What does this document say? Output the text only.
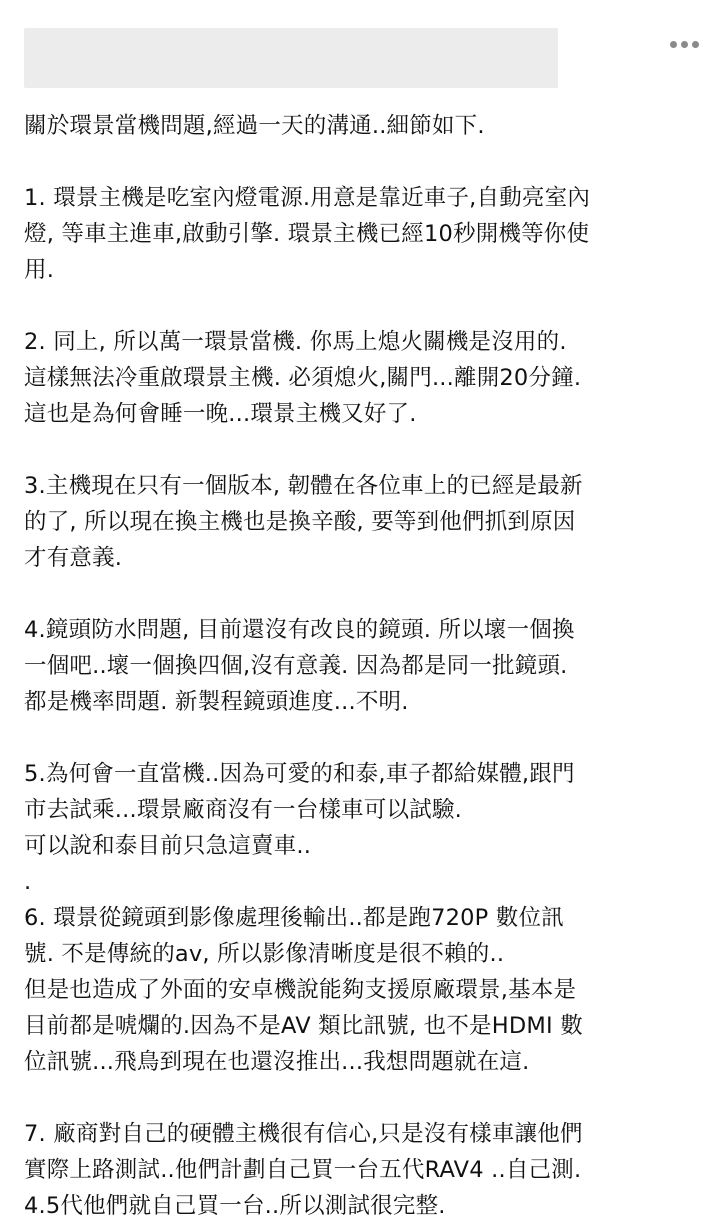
關於環景當機問題,經過一天的溝通..細節如下.
1. 環景主機是吃室內燈電源.用意是靠近車子,自動亮室內
燈, 等車主進車,啟動引擎. 環景主機已經10秒開機等你使
用.
2. 同上, 所以萬一環景當機. 你馬上熄火關機是沒用的.
這樣無法冷重啟環景主機. 必須熄火,關門...離開20分鐘.
這也是為何會睡一晚...環景主機又好了.
3.主機現在只有一個版本, 韌體在各位車上的已經是最新
的了, 所以現在換主機也是換辛酸, 要等到他們抓到原因
才有意義.
4.鏡頭防水問題, 目前還沒有改良的鏡頭. 所以壞一個換
一個吧..壞一個換四個,沒有意義. 因為都是同一批鏡頭.
都是機率問題. 新製程鏡頭進度...不明.
5.為何會一直當機..因為可愛的和泰,車子都給媒體,跟門
市去試乘...環景廠商沒有一台樣車可以試驗.
可以說和泰目前只急這賣車..
.
6. 環景從鏡頭到影像處理後輸出..都是跑720P 數位訊
號. 不是傳統的av, 所以影像清晰度是很不賴的..
但是也造成了外面的安卓機說能夠支援原廠環景,基本是
目前都是唬爛的.因為不是AV 類比訊號, 也不是HDMI 數
位訊號...飛鳥到現在也還沒推出...我想問題就在這.
7. 廠商對自己的硬體主機很有信心,只是沒有樣車讓他們
實際上路測試..他們計劃自己買一台五代RAV4 ..自己測.
4.5代他們就自己買一台..所以測試很完整.
